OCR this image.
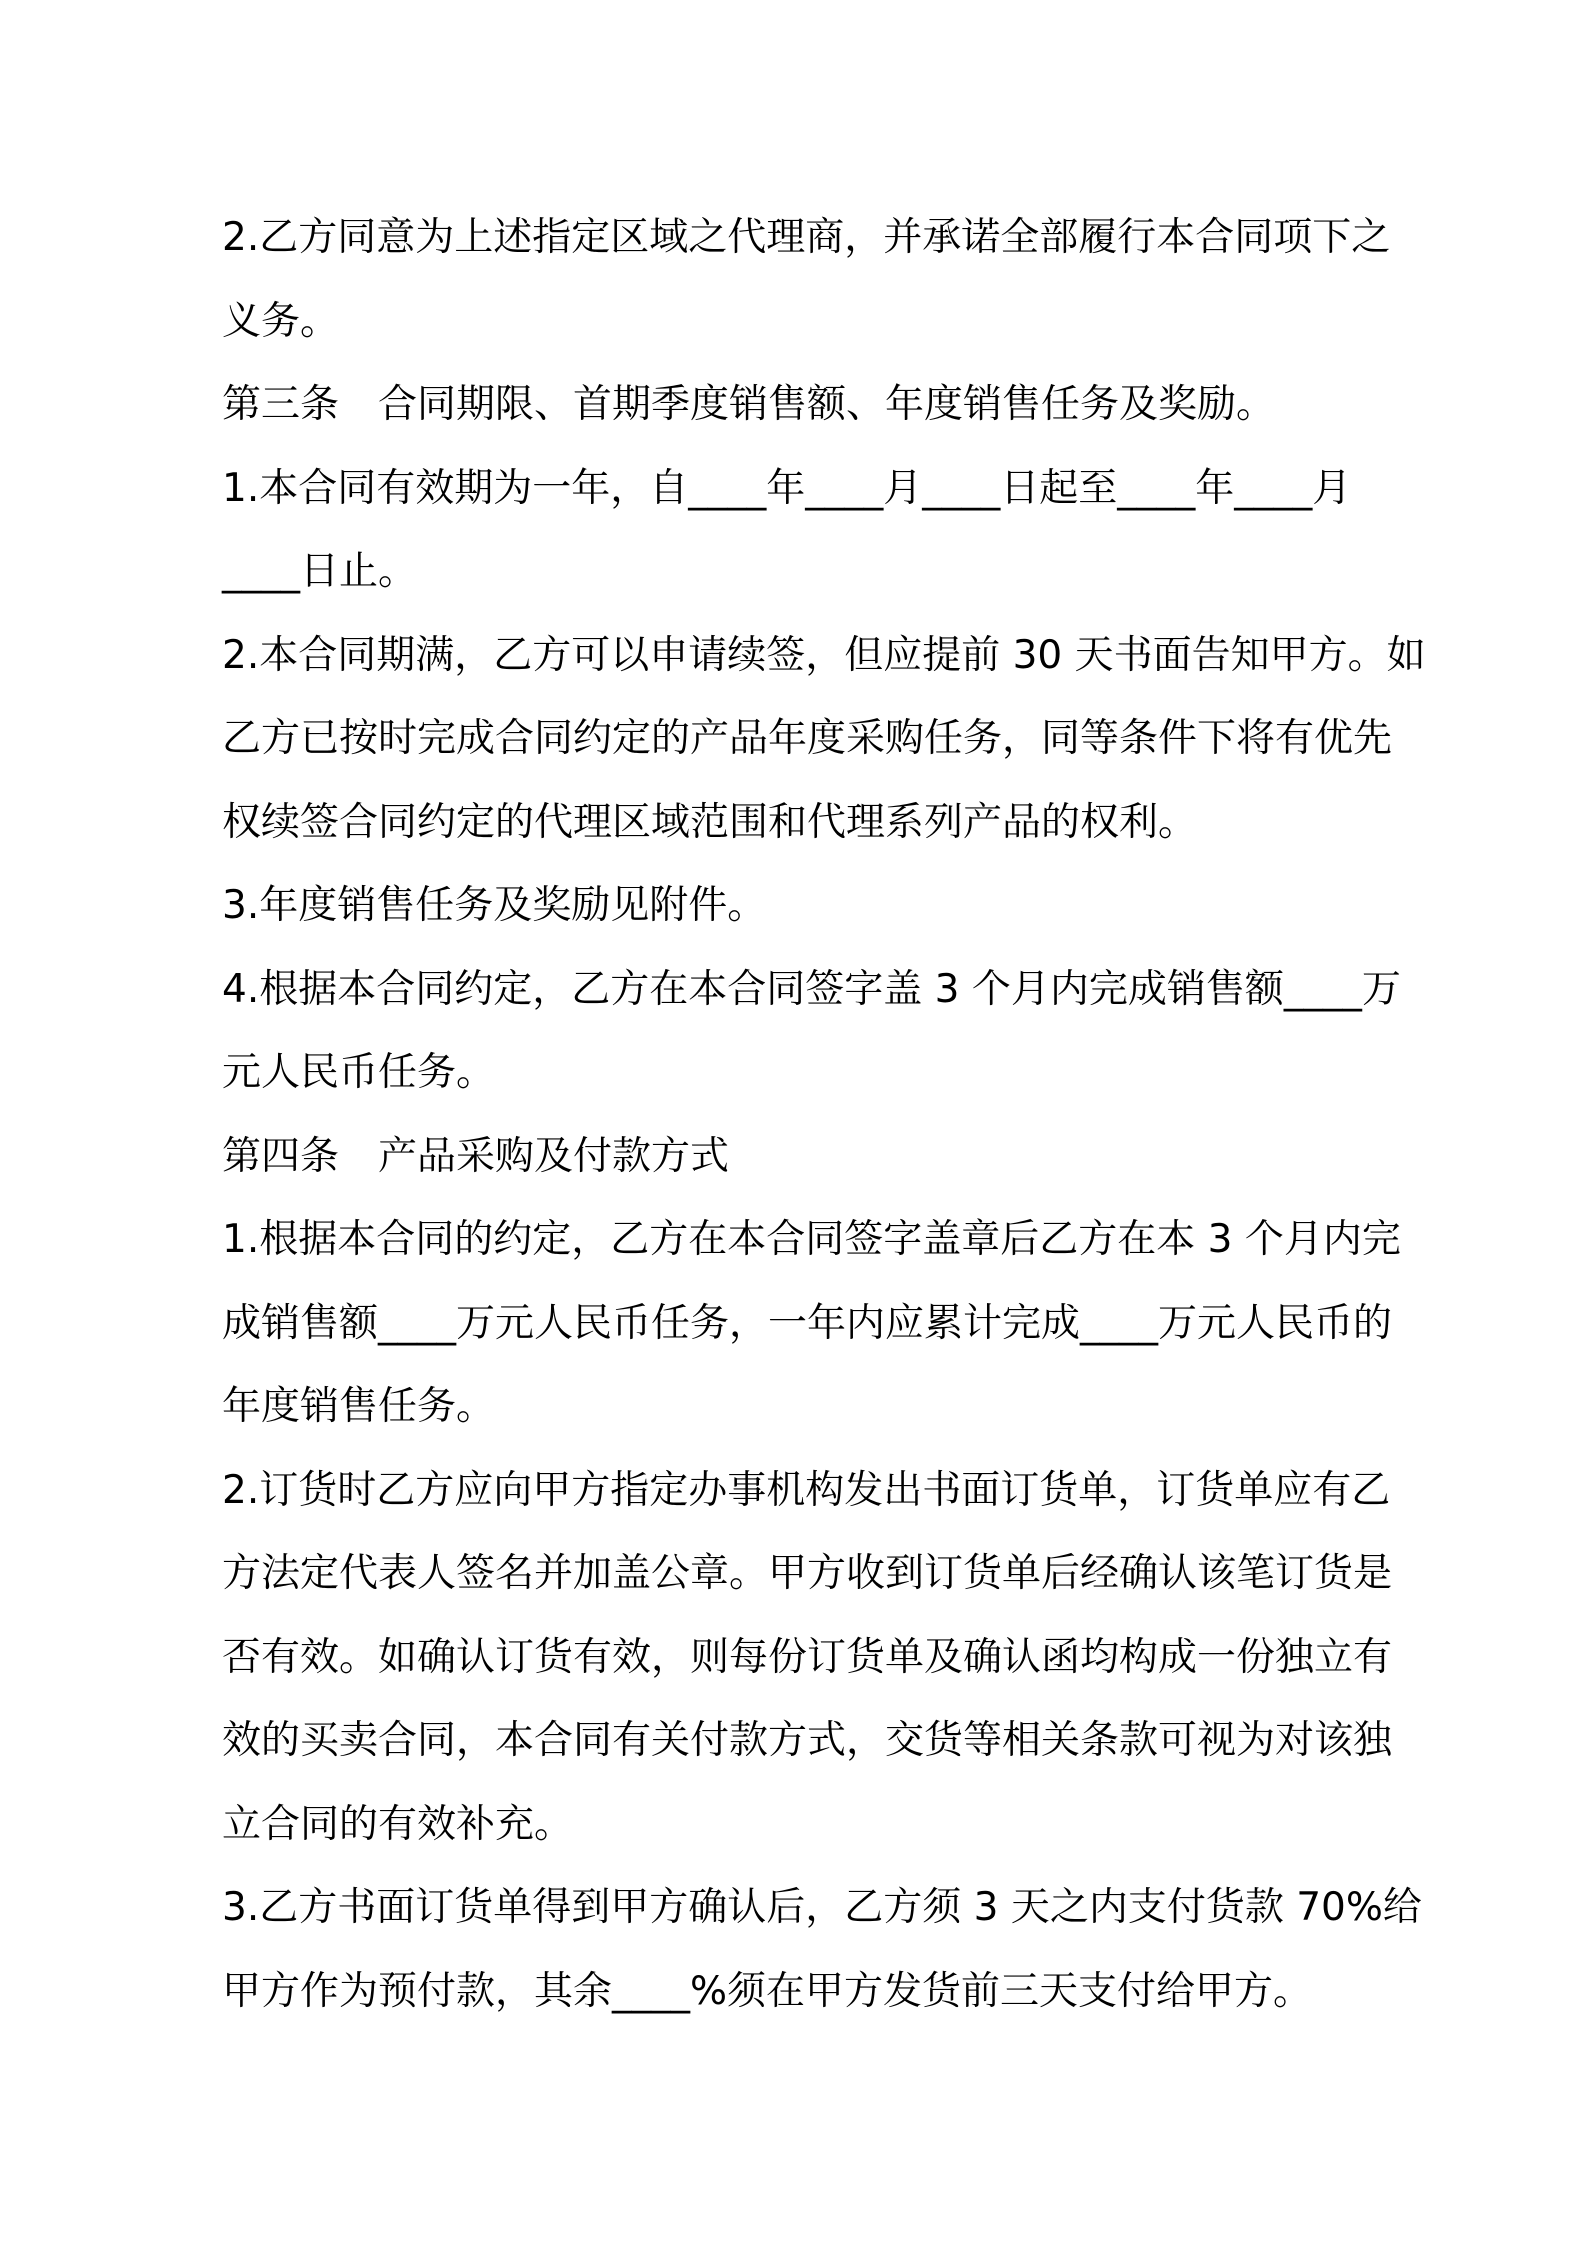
2.乙方同意为上述指定区域之代理商，并承诺全部履行本合同项下之
义务。
第三条　合同期限、首期季度销售额、年度销售任务及奖励。
1.本合同有效期为一年，自____年____月____日起至____年____月
____日止。
2.本合同期满，乙方可以申请续签，但应提前 30 天书面告知甲方。如
乙方已按时完成合同约定的产品年度采购任务，同等条件下将有优先
权续签合同约定的代理区域范围和代理系列产品的权利。
3.年度销售任务及奖励见附件。
4.根据本合同约定，乙方在本合同签字盖 3 个月内完成销售额____万
元人民币任务。
第四条　产品采购及付款方式
1.根据本合同的约定，乙方在本合同签字盖章后乙方在本 3 个月内完
成销售额____万元人民币任务，一年内应累计完成____万元人民币的
年度销售任务。
2.订货时乙方应向甲方指定办事机构发出书面订货单，订货单应有乙
方法定代表人签名并加盖公章。甲方收到订货单后经确认该笔订货是
否有效。如确认订货有效，则每份订货单及确认函均构成一份独立有
效的买卖合同，本合同有关付款方式，交货等相关条款可视为对该独
立合同的有效补充。
3.乙方书面订货单得到甲方确认后，乙方须 3 天之内支付货款 70%给
甲方作为预付款，其余____%须在甲方发货前三天支付给甲方。
